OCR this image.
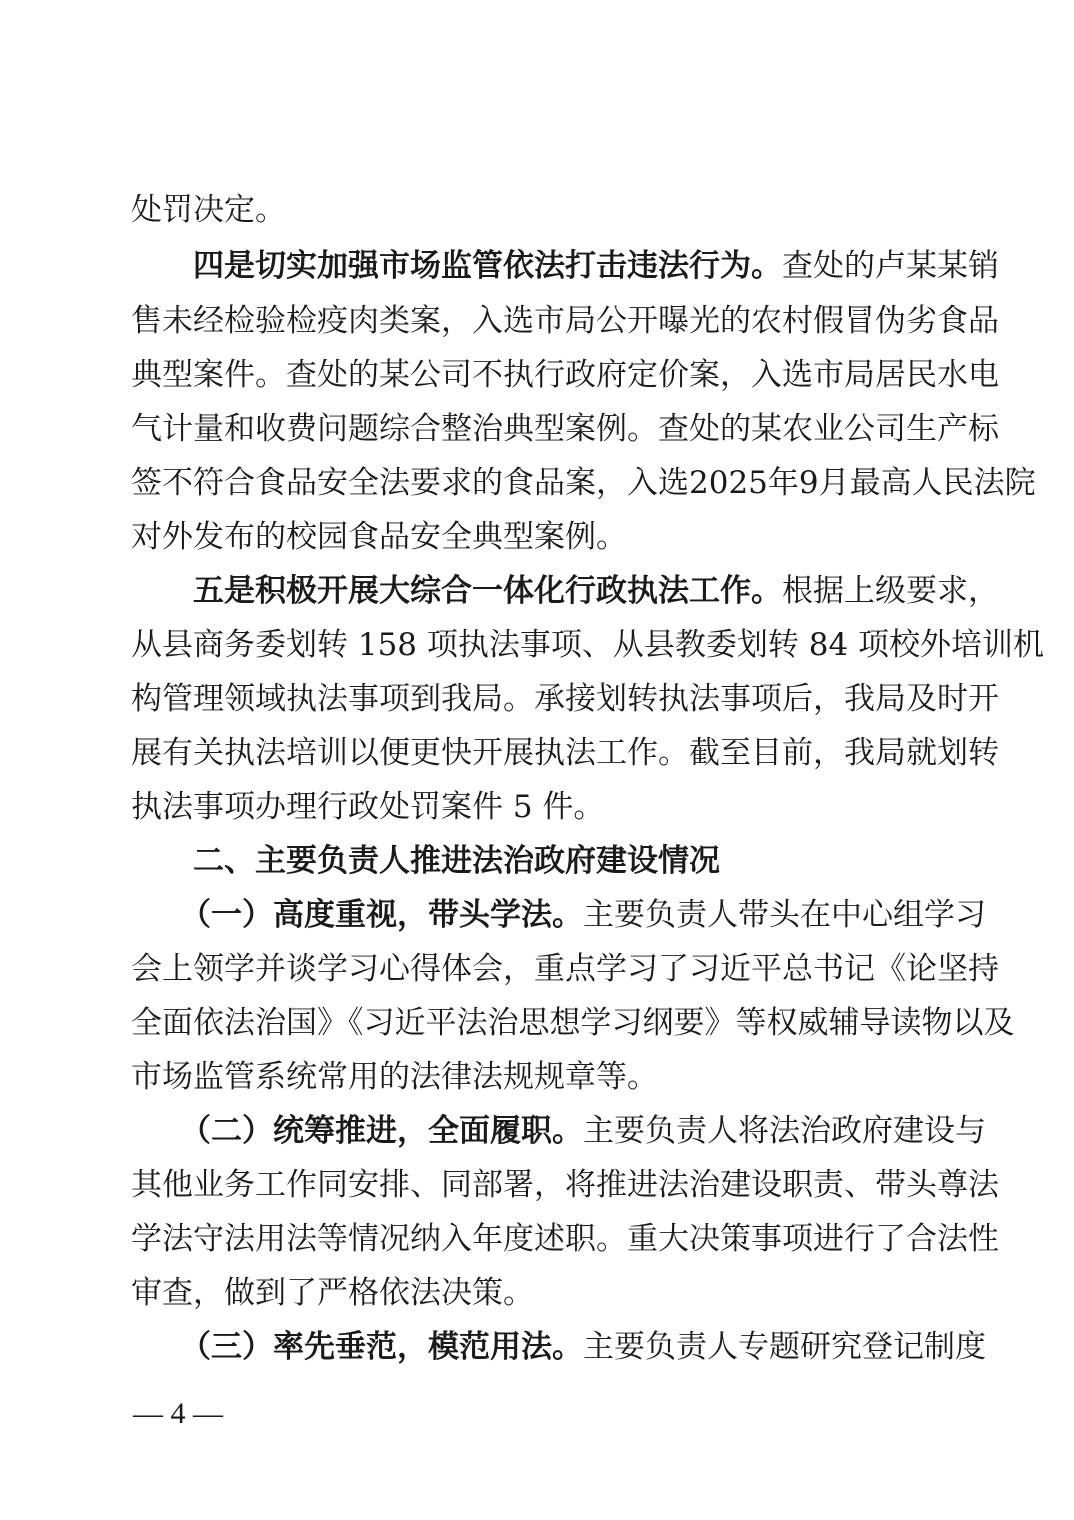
处罚决定。
四是切实加强市场监管依法打击违法行为。查处的卢某某销
售未经检验检疫肉类案，入选市局公开曝光的农村假冒伪劣食品
典型案件。查处的某公司不执行政府定价案，入选市局居民水电
气计量和收费问题综合整治典型案例。查处的某农业公司生产标
签不符合食品安全法要求的食品案，入选2025年9月最高人民法院
对外发布的校园食品安全典型案例。
五是积极开展大综合一体化行政执法工作。根据上级要求，
从县商务委划转 158 项执法事项、从县教委划转 84 项校外培训机
构管理领域执法事项到我局。承接划转执法事项后，我局及时开
展有关执法培训以便更快开展执法工作。截至目前，我局就划转
执法事项办理行政处罚案件 5 件。
二、主要负责人推进法治政府建设情况
（一）高度重视，带头学法。主要负责人带头在中心组学习
会上领学并谈学习心得体会，重点学习了习近平总书记《论坚持
全面依法治国》《习近平法治思想学习纲要》等权威辅导读物以及
市场监管系统常用的法律法规规章等。
（二）统筹推进，全面履职。主要负责人将法治政府建设与
其他业务工作同安排、同部署，将推进法治建设职责、带头尊法
学法守法用法等情况纳入年度述职。重大决策事项进行了合法性
审查，做到了严格依法决策。
（三）率先垂范，模范用法。主要负责人专题研究登记制度
— 4 —
